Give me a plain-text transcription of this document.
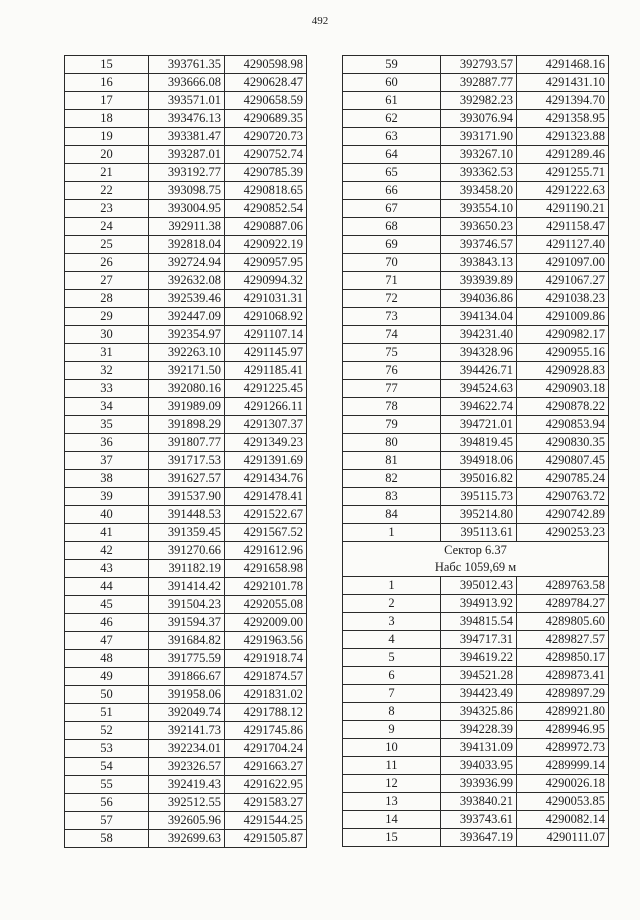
492
15	393761.35	4290598.98
16	393666.08	4290628.47
17	393571.01	4290658.59
18	393476.13	4290689.35
19	393381.47	4290720.73
20	393287.01	4290752.74
21	393192.77	4290785.39
22	393098.75	4290818.65
23	393004.95	4290852.54
24	392911.38	4290887.06
25	392818.04	4290922.19
26	392724.94	4290957.95
27	392632.08	4290994.32
28	392539.46	4291031.31
29	392447.09	4291068.92
30	392354.97	4291107.14
31	392263.10	4291145.97
32	392171.50	4291185.41
33	392080.16	4291225.45
34	391989.09	4291266.11
35	391898.29	4291307.37
36	391807.77	4291349.23
37	391717.53	4291391.69
38	391627.57	4291434.76
39	391537.90	4291478.41
40	391448.53	4291522.67
41	391359.45	4291567.52
42	391270.66	4291612.96
43	391182.19	4291658.98
44	391414.42	4292101.78
45	391504.23	4292055.08
46	391594.37	4292009.00
47	391684.82	4291963.56
48	391775.59	4291918.74
49	391866.67	4291874.57
50	391958.06	4291831.02
51	392049.74	4291788.12
52	392141.73	4291745.86
53	392234.01	4291704.24
54	392326.57	4291663.27
55	392419.43	4291622.95
56	392512.55	4291583.27
57	392605.96	4291544.25
58	392699.63	4291505.87
59	392793.57	4291468.16
60	392887.77	4291431.10
61	392982.23	4291394.70
62	393076.94	4291358.95
63	393171.90	4291323.88
64	393267.10	4291289.46
65	393362.53	4291255.71
66	393458.20	4291222.63
67	393554.10	4291190.21
68	393650.23	4291158.47
69	393746.57	4291127.40
70	393843.13	4291097.00
71	393939.89	4291067.27
72	394036.86	4291038.23
73	394134.04	4291009.86
74	394231.40	4290982.17
75	394328.96	4290955.16
76	394426.71	4290928.83
77	394524.63	4290903.18
78	394622.74	4290878.22
79	394721.01	4290853.94
80	394819.45	4290830.35
81	394918.06	4290807.45
82	395016.82	4290785.24
83	395115.73	4290763.72
84	395214.80	4290742.89
1	395113.61	4290253.23

Сектор 6.37
Набс 1059,69 м		

1	395012.43	4289763.58
2	394913.92	4289784.27
3	394815.54	4289805.60
4	394717.31	4289827.57
5	394619.22	4289850.17
6	394521.28	4289873.41
7	394423.49	4289897.29
8	394325.86	4289921.80
9	394228.39	4289946.95
10	394131.09	4289972.73
11	394033.95	4289999.14
12	393936.99	4290026.18
13	393840.21	4290053.85
14	393743.61	4290082.14
15	393647.19	4290111.07
